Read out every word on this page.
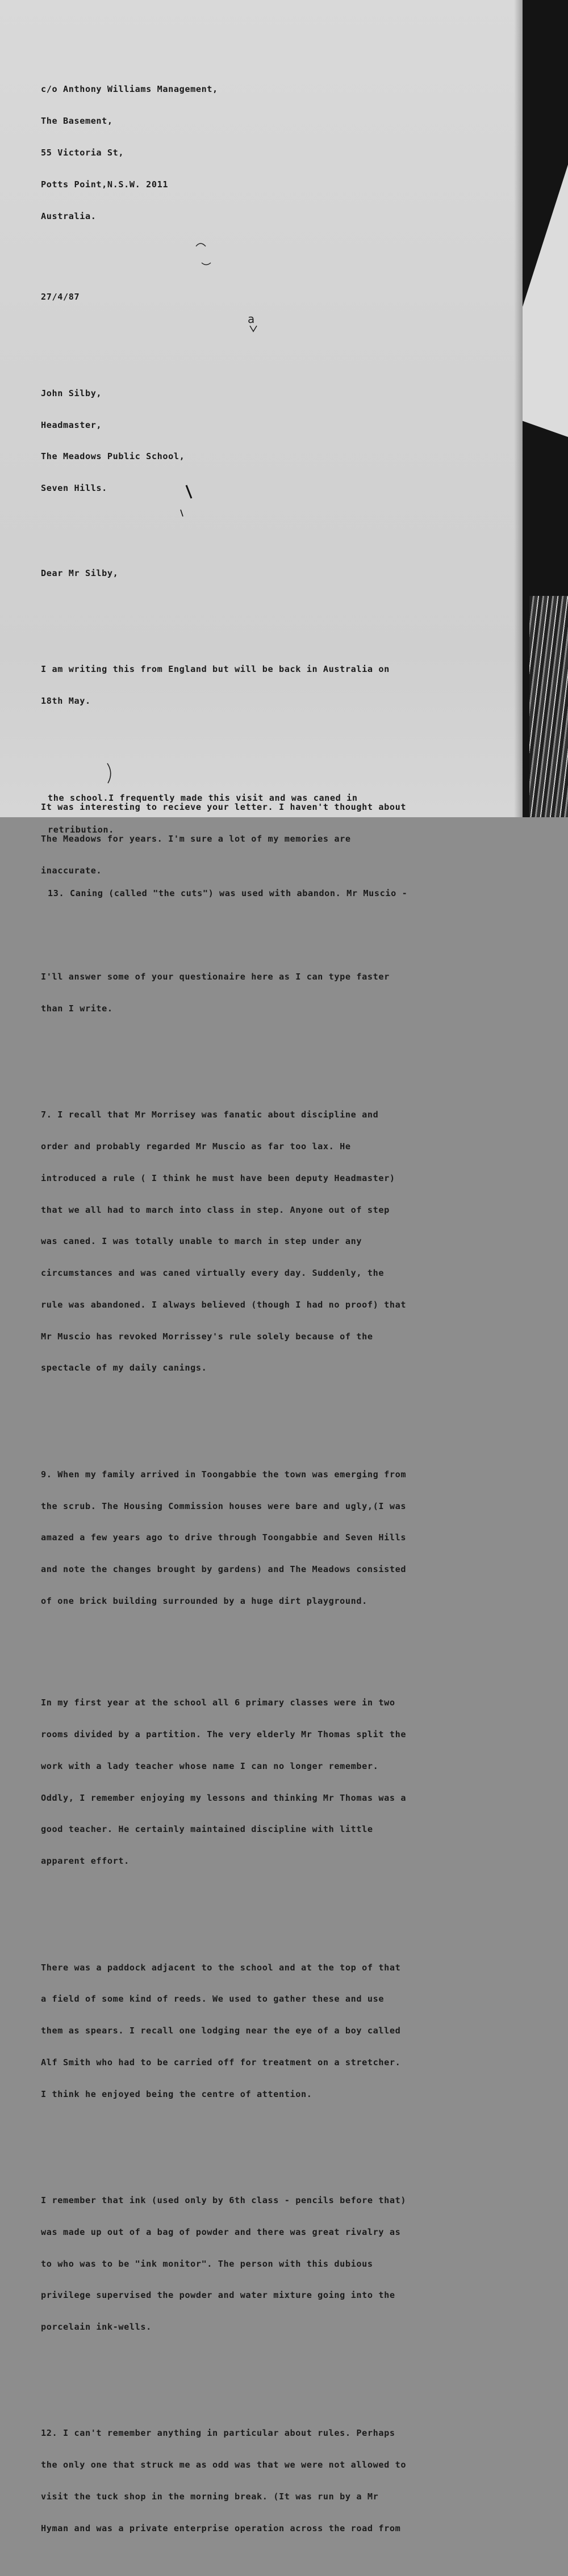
c/o Anthony Williams Management,

The Basement,

55 Victoria St,

Potts Point,N.S.W. 2011

Australia.

27/4/87

John Silby,

Headmaster,

The Meadows Public School,

Seven Hills.

Dear Mr Silby,

I am writing this from England but will be back in Australia on

18th May.

It was interesting to recieve your letter. I haven't thought about

The Meadows for years. I'm sure a lot of my memories are

inaccurate.

I'll answer some of your questionaire here as I can type faster

than I write.

7. I recall that Mr Morrisey was fanatic about discipline and

order and probably regarded Mr Muscio as far too lax. He

introduced a rule ( I think he must have been deputy Headmaster)

that we all had to march into class in step. Anyone out of step

was caned. I was totally unable to march in step under any

circumstances and was caned virtually every day. Suddenly, the

rule was abandoned. I always believed (though I had no proof) that

Mr Muscio has revoked Morrissey's rule solely because of the

spectacle of my daily canings.

9. When my family arrived in Toongabbie the town was emerging from

the scrub. The Housing Commission houses were bare and ugly,(I was

amazed a few years ago to drive through Toongabbie and Seven Hills

and note the changes brought by gardens) and The Meadows consisted

of one brick building surrounded by a huge dirt playground.

In my first year at the school all 6 primary classes were in two

rooms divided by a partition. The very elderly Mr Thomas split the

work with a lady teacher whose name I can no longer remember.

Oddly, I remember enjoying my lessons and thinking Mr Thomas was a

good teacher. He certainly maintained discipline with little

apparent effort.

There was a paddock adjacent to the school and at the top of that

a field of some kind of reeds. We used to gather these and use

them as spears. I recall one lodging near the eye of a boy called

Alf Smith who had to be carried off for treatment on a stretcher.

I think he enjoyed being the centre of attention.

I remember that ink (used only by 6th class - pencils before that)

was made up out of a bag of powder and there was great rivalry as

to who was to be "ink monitor". The person with this dubious

privilege supervised the powder and water mixture going into the

porcelain ink-wells.

12. I can't remember anything in particular about rules. Perhaps

the only one that struck me as odd was that we were not allowed to

visit the tuck shop in the morning break. (It was run by a Mr

Hyman and was a private enterprise operation across the road from

the school.I frequently made this visit and was caned in

retribution.

13. Caning (called "the cuts") was used with abandon. Mr Muscio -

a
